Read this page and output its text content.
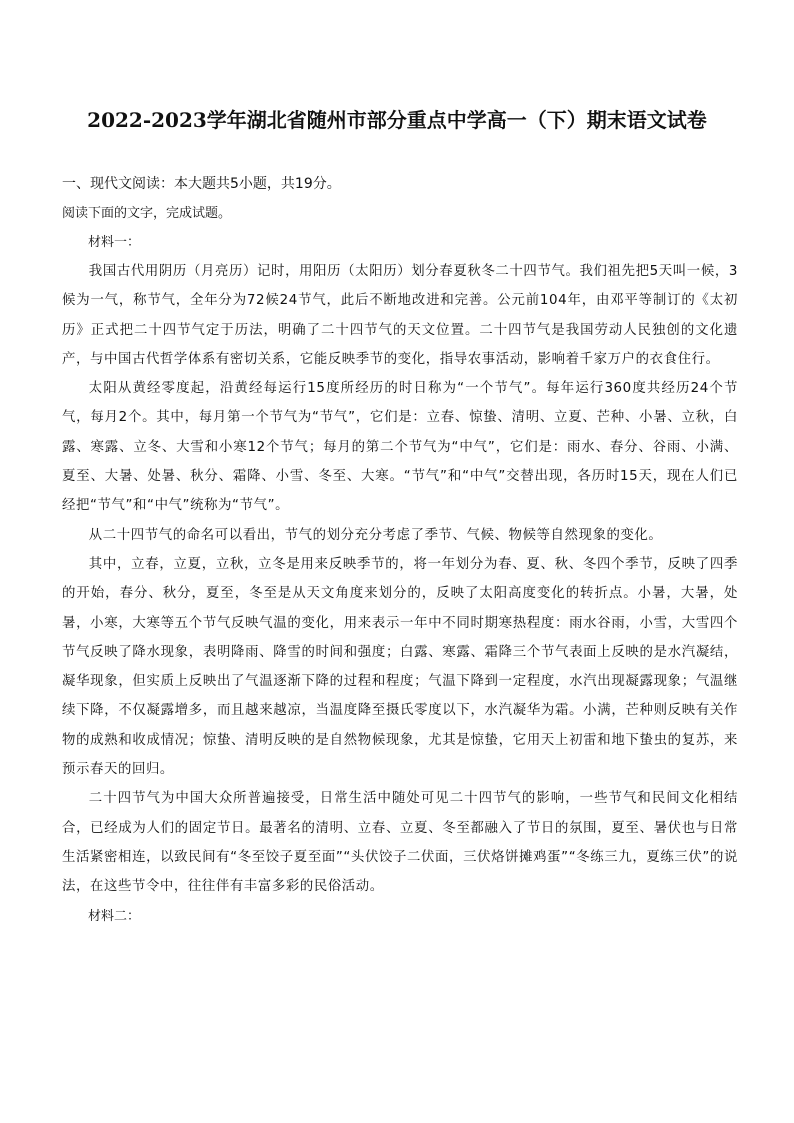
2022-2023学年湖北省随州市部分重点中学高一（下）期末语文试卷

一、现代文阅读：本大题共5小题，共19分。

阅读下面的文字，完成试题。

材料一：

我国古代用阴历（月亮历）记时，用阳历（太阳历）划分春夏秋冬二十四节气。我们祖先把5天叫一候，3候为一气，称节气，全年分为72候24节气，此后不断地改进和完善。公元前104年，由邓平等制订的《太初历》正式把二十四节气定于历法，明确了二十四节气的天文位置。二十四节气是我国劳动人民独创的文化遗产，与中国古代哲学体系有密切关系，它能反映季节的变化，指导农事活动，影响着千家万户的衣食住行。

太阳从黄经零度起，沿黄经每运行15度所经历的时日称为“一个节气”。每年运行360度共经历24个节气，每月2个。其中，每月第一个节气为“节气”，它们是：立春、惊蛰、清明、立夏、芒种、小暑、立秋，白露、寒露、立冬、大雪和小寒12个节气；每月的第二个节气为“中气”，它们是：雨水、春分、谷雨、小满、夏至、大暑、处暑、秋分、霜降、小雪、冬至、大寒。“节气”和“中气”交替出现，各历时15天，现在人们已经把“节气”和“中气”统称为“节气”。

从二十四节气的命名可以看出，节气的划分充分考虑了季节、气候、物候等自然现象的变化。

其中，立春，立夏，立秋，立冬是用来反映季节的，将一年划分为春、夏、秋、冬四个季节，反映了四季的开始，春分、秋分，夏至，冬至是从天文角度来划分的，反映了太阳高度变化的转折点。小暑，大暑，处暑，小寒，大寒等五个节气反映气温的变化，用来表示一年中不同时期寒热程度：雨水谷雨，小雪，大雪四个节气反映了降水现象，表明降雨、降雪的时间和强度；白露、寒露、霜降三个节气表面上反映的是水汽凝结，凝华现象，但实质上反映出了气温逐渐下降的过程和程度；气温下降到一定程度，水汽出现凝露现象；气温继续下降，不仅凝露增多，而且越来越凉，当温度降至摄氏零度以下，水汽凝华为霜。小满，芒种则反映有关作物的成熟和收成情况；惊蛰、清明反映的是自然物候现象，尤其是惊蛰，它用天上初雷和地下蛰虫的复苏，来预示春天的回归。

二十四节气为中国大众所普遍接受，日常生活中随处可见二十四节气的影响，一些节气和民间文化相结合，已经成为人们的固定节日。最著名的清明、立春、立夏、冬至都融入了节日的氛围，夏至、暑伏也与日常生活紧密相连，以致民间有“冬至饺子夏至面”“头伏饺子二伏面，三伏烙饼摊鸡蛋”“冬练三九，夏练三伏”的说法，在这些节令中，往往伴有丰富多彩的民俗活动。

材料二：
